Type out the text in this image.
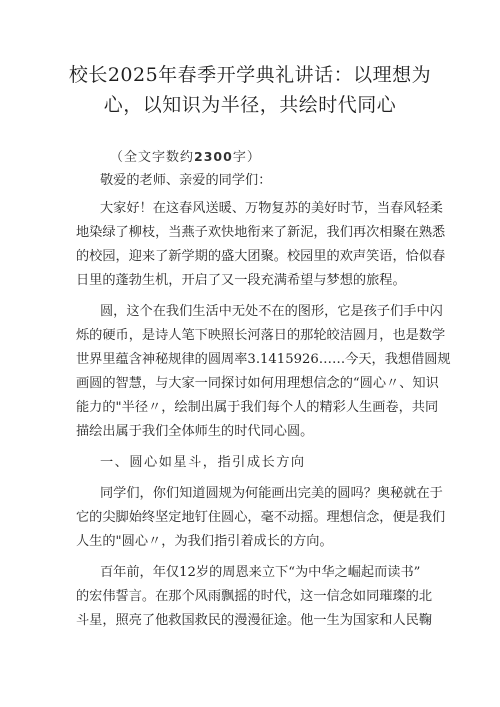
校长2025年春季开学典礼讲话：以理想为
心，以知识为半径，共绘时代同心
（全文字数约2300字）
敬爱的老师、亲爱的同学们：
大家好！在这春风送暖、万物复苏的美好时节，当春风轻柔
地染绿了柳枝，当燕子欢快地衔来了新泥，我们再次相聚在熟悉
的校园，迎来了新学期的盛大团聚。校园里的欢声笑语，恰似春
日里的蓬勃生机，开启了又一段充满希望与梦想的旅程。
圆，这个在我们生活中无处不在的图形，它是孩子们手中闪
烁的硬币，是诗人笔下映照长河落日的那轮皎洁圆月，也是数学
世界里蕴含神秘规律的圆周率3.1415926……今天，我想借圆规
画圆的智慧，与大家一同探讨如何用理想信念的“圆心〃、知识
能力的"半径〃，绘制出属于我们每个人的精彩人生画卷，共同
描绘出属于我们全体师生的时代同心圆。
一、圆心如星斗，指引成长方向
同学们，你们知道圆规为何能画出完美的圆吗？奥秘就在于
它的尖脚始终坚定地钉住圆心，毫不动摇。理想信念，便是我们
人生的"圆心〃，为我们指引着成长的方向。
百年前，年仅12岁的周恩来立下“为中华之崛起而读书”
的宏伟誓言。在那个风雨飘摇的时代，这一信念如同璀璨的北
斗星，照亮了他救国救民的漫漫征途。他一生为国家和人民鞠
